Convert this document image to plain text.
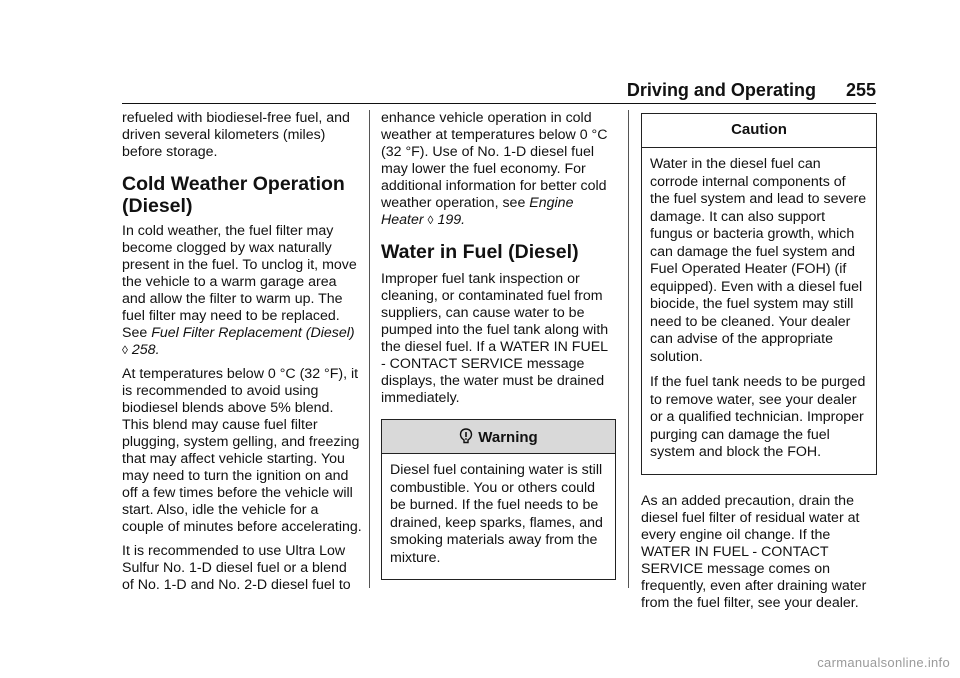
Driving and Operating 255

refueled with biodiesel-free fuel, and driven several kilometers (miles) before storage.

Cold Weather Operation (Diesel)

In cold weather, the fuel filter may become clogged by wax naturally present in the fuel. To unclog it, move the vehicle to a warm garage area and allow the filter to warm up. The fuel filter may need to be replaced. See Fuel Filter Replacement (Diesel) ◊ 258.

At temperatures below 0 °C (32 °F), it is recommended to avoid using biodiesel blends above 5% blend. This blend may cause fuel filter plugging, system gelling, and freezing that may affect vehicle starting. You may need to turn the ignition on and off a few times before the vehicle will start. Also, idle the vehicle for a couple of minutes before accelerating.

It is recommended to use Ultra Low Sulfur No. 1-D diesel fuel or a blend of No. 1-D and No. 2-D diesel fuel to

enhance vehicle operation in cold weather at temperatures below 0 °C (32 °F). Use of No. 1-D diesel fuel may lower the fuel economy. For additional information for better cold weather operation, see Engine Heater ◊ 199.

Water in Fuel (Diesel)

Improper fuel tank inspection or cleaning, or contaminated fuel from suppliers, can cause water to be pumped into the fuel tank along with the diesel fuel. If a WATER IN FUEL - CONTACT SERVICE message displays, the water must be drained immediately.

Warning

Diesel fuel containing water is still combustible. You or others could be burned. If the fuel needs to be drained, keep sparks, flames, and smoking materials away from the mixture.

Caution

Water in the diesel fuel can corrode internal components of the fuel system and lead to severe damage. It can also support fungus or bacteria growth, which can damage the fuel system and Fuel Operated Heater (FOH) (if equipped). Even with a diesel fuel biocide, the fuel system may still need to be cleaned. Your dealer can advise of the appropriate solution.

If the fuel tank needs to be purged to remove water, see your dealer or a qualified technician. Improper purging can damage the fuel system and block the FOH.

As an added precaution, drain the diesel fuel filter of residual water at every engine oil change. If the WATER IN FUEL - CONTACT SERVICE message comes on frequently, even after draining water from the fuel filter, see your dealer.

carmanualsonline.info
